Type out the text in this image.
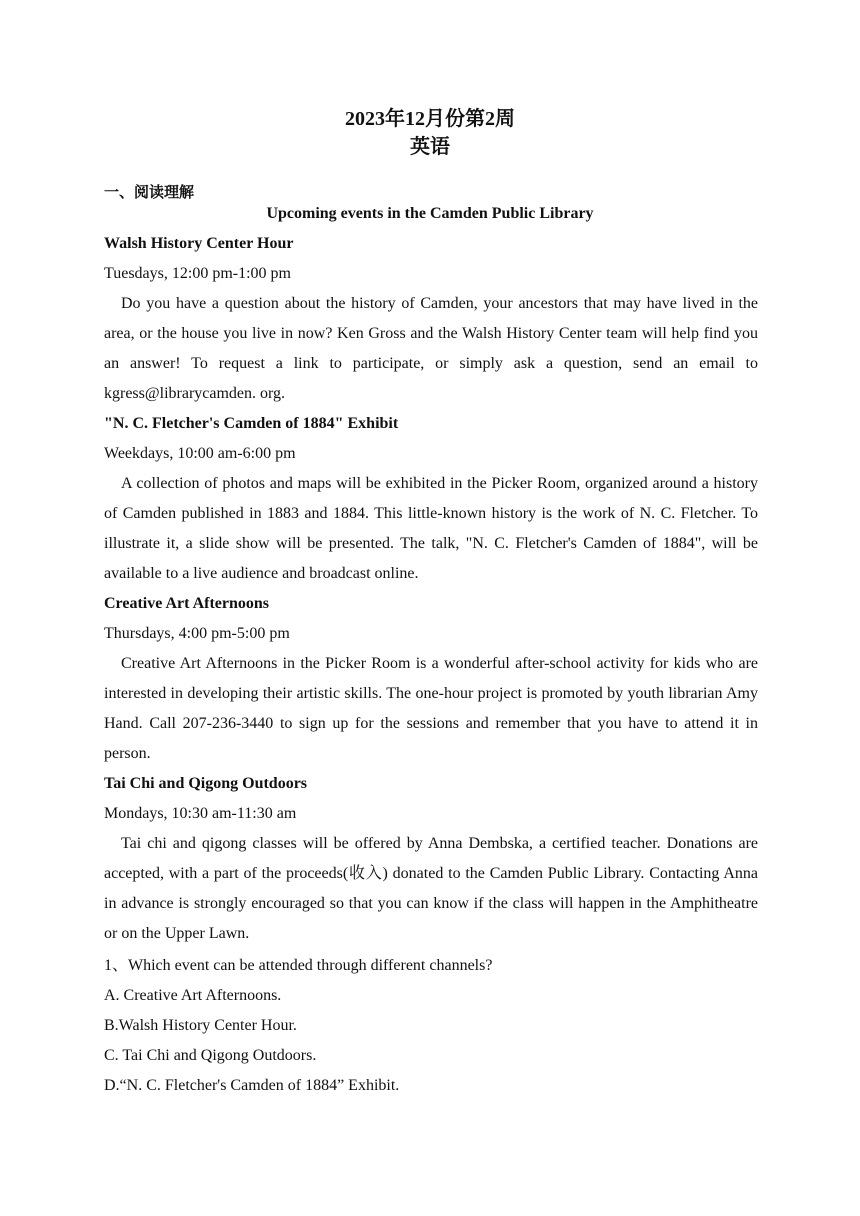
2023年12月份第2周
英语
一、阅读理解
Upcoming events in the Camden Public Library
Walsh History Center Hour
Tuesdays, 12:00 pm-1:00 pm
Do you have a question about the history of Camden, your ancestors that may have lived in the area, or the house you live in now? Ken Gross and the Walsh History Center team will help find you an answer! To request a link to participate, or simply ask a question, send an email to kgress@librarycamden. org.
"N. C. Fletcher's Camden of 1884" Exhibit
Weekdays, 10:00 am-6:00 pm
A collection of photos and maps will be exhibited in the Picker Room, organized around a history of Camden published in 1883 and 1884. This little-known history is the work of N. C. Fletcher. To illustrate it, a slide show will be presented. The talk, "N. C. Fletcher's Camden of 1884", will be available to a live audience and broadcast online.
Creative Art Afternoons
Thursdays, 4:00 pm-5:00 pm
Creative Art Afternoons in the Picker Room is a wonderful after-school activity for kids who are interested in developing their artistic skills. The one-hour project is promoted by youth librarian Amy Hand. Call 207-236-3440 to sign up for the sessions and remember that you have to attend it in person.
Tai Chi and Qigong Outdoors
Mondays, 10:30 am-11:30 am
Tai chi and qigong classes will be offered by Anna Dembska, a certified teacher. Donations are accepted, with a part of the proceeds(收入) donated to the Camden Public Library. Contacting Anna in advance is strongly encouraged so that you can know if the class will happen in the Amphitheatre or on the Upper Lawn.
1、Which event can be attended through different channels?
A. Creative Art Afternoons.
B.Walsh History Center Hour.
C. Tai Chi and Qigong Outdoors.
D.“N. C. Fletcher's Camden of 1884” Exhibit.
